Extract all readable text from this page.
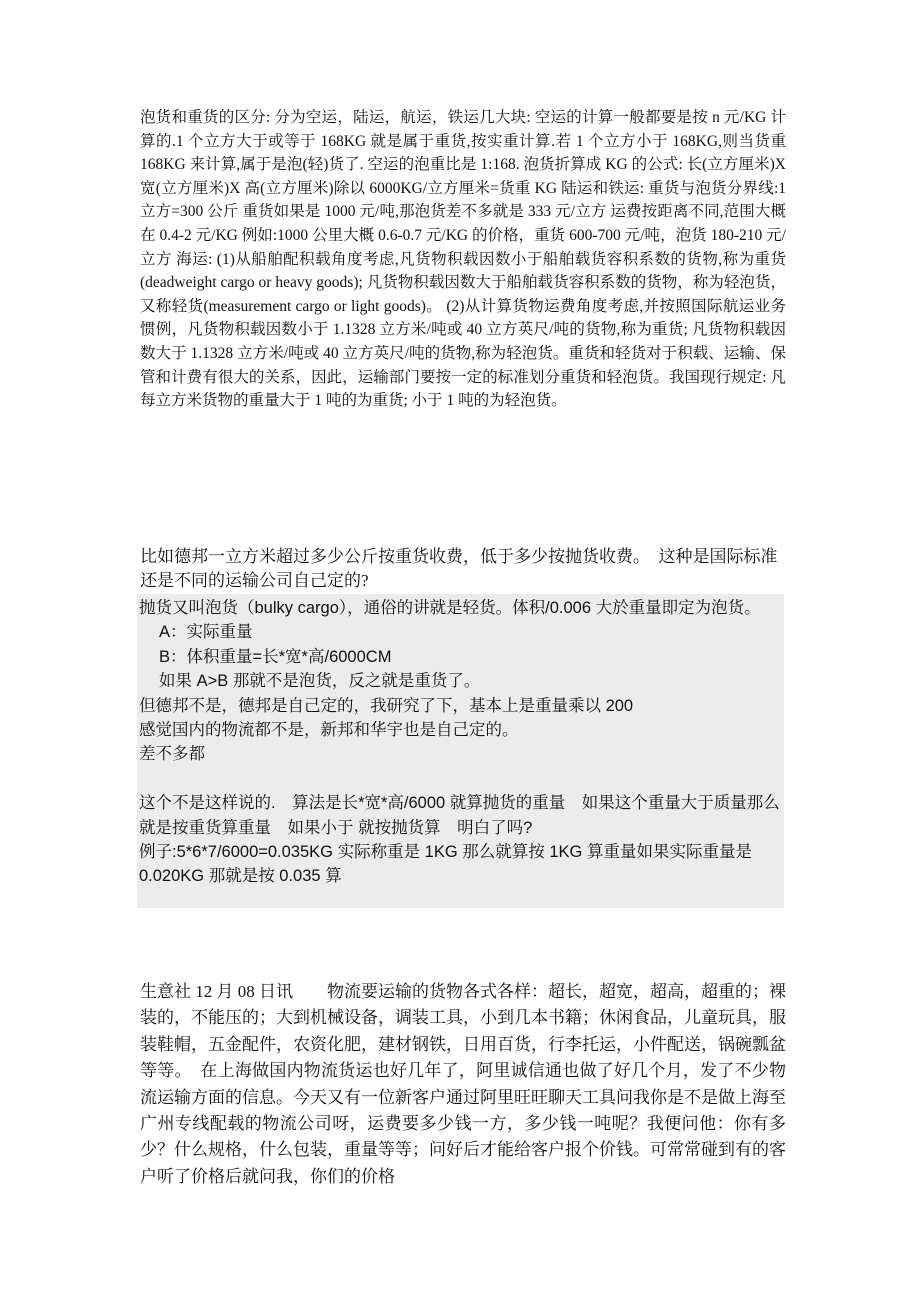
泡货和重货的区分: 分为空运，陆运，航运，铁运几大块: 空运的计算一般都要是按 n 元/KG 计算的.1 个立方大于或等于 168KG 就是属于重货,按实重计算.若 1 个立方小于 168KG,则当货重 168KG 来计算,属于是泡(轻)货了. 空运的泡重比是 1:168. 泡货折算成 KG 的公式: 长(立方厘米)X 宽(立方厘米)X 高(立方厘米)除以 6000KG/立方厘米=货重 KG 陆运和铁运: 重货与泡货分界线:1 立方=300 公斤 重货如果是 1000 元/吨,那泡货差不多就是 333 元/立方 运费按距离不同,范围大概在 0.4-2 元/KG 例如:1000 公里大概 0.6-0.7 元/KG 的价格，重货 600-700 元/吨，泡货 180-210 元/立方 海运: (1)从船舶配积载角度考虑,凡货物积载因数小于船舶载货容积系数的货物,称为重货(deadweight cargo or heavy goods); 凡货物积载因数大于船舶载货容积系数的货物，称为轻泡货，又称轻货(measurement cargo or light goods)。 (2)从计算货物运费角度考虑,并按照国际航运业务惯例，凡货物积载因数小于 1.1328 立方米/吨或 40 立方英尺/吨的货物,称为重货; 凡货物积载因数大于 1.1328 立方米/吨或 40 立方英尺/吨的货物,称为轻泡货。重货和轻货对于积载、运输、保管和计费有很大的关系，因此，运输部门要按一定的标准划分重货和轻泡货。我国现行规定: 凡每立方米货物的重量大于 1 吨的为重货; 小于 1 吨的为轻泡货。
比如德邦一立方米超过多少公斤按重货收费，低于多少按抛货收费。　这种是国际标准　还是不同的运输公司自己定的?
抛货又叫泡货（bulky cargo），通俗的讲就是轻货。体积/0.006 大於重量即定为泡货。
A：实际重量
B：体积重量=长*宽*高/6000CM
如果 A>B 那就不是泡货，反之就是重货了。
但德邦不是，德邦是自己定的，我研究了下，基本上是重量乘以 200
感觉国内的物流都不是，新邦和华宇也是自己定的。
差不多都
这个不是这样说的.　算法是长*宽*高/6000 就算抛货的重量　如果这个重量大于质量那么就是按重货算重量　如果小于 就按抛货算　明白了吗?
例子:5*6*7/6000=0.035KG 实际称重是 1KG 那么就算按 1KG 算重量如果实际重量是 0.020KG 那就是按 0.035 算
生意社 12 月 08 日讯　　物流要运输的货物各式各样：超长，超宽，超高，超重的；裸装的，不能压的；大到机械设备，调装工具，小到几本书籍；休闲食品，儿童玩具，服装鞋帽，五金配件，农资化肥，建材钢铁，日用百货，行李托运，小件配送，锅碗瓢盆等等。　在上海做国内物流货运也好几年了，阿里诚信通也做了好几个月，发了不少物流运输方面的信息。今天又有一位新客户通过阿里旺旺聊天工具问我你是不是做上海至广州专线配载的物流公司呀，运费要多少钱一方，多少钱一吨呢？我便问他：你有多少？什么规格，什么包装，重量等等；问好后才能给客户报个价钱。可常常碰到有的客户听了价格后就问我，你们的价格
